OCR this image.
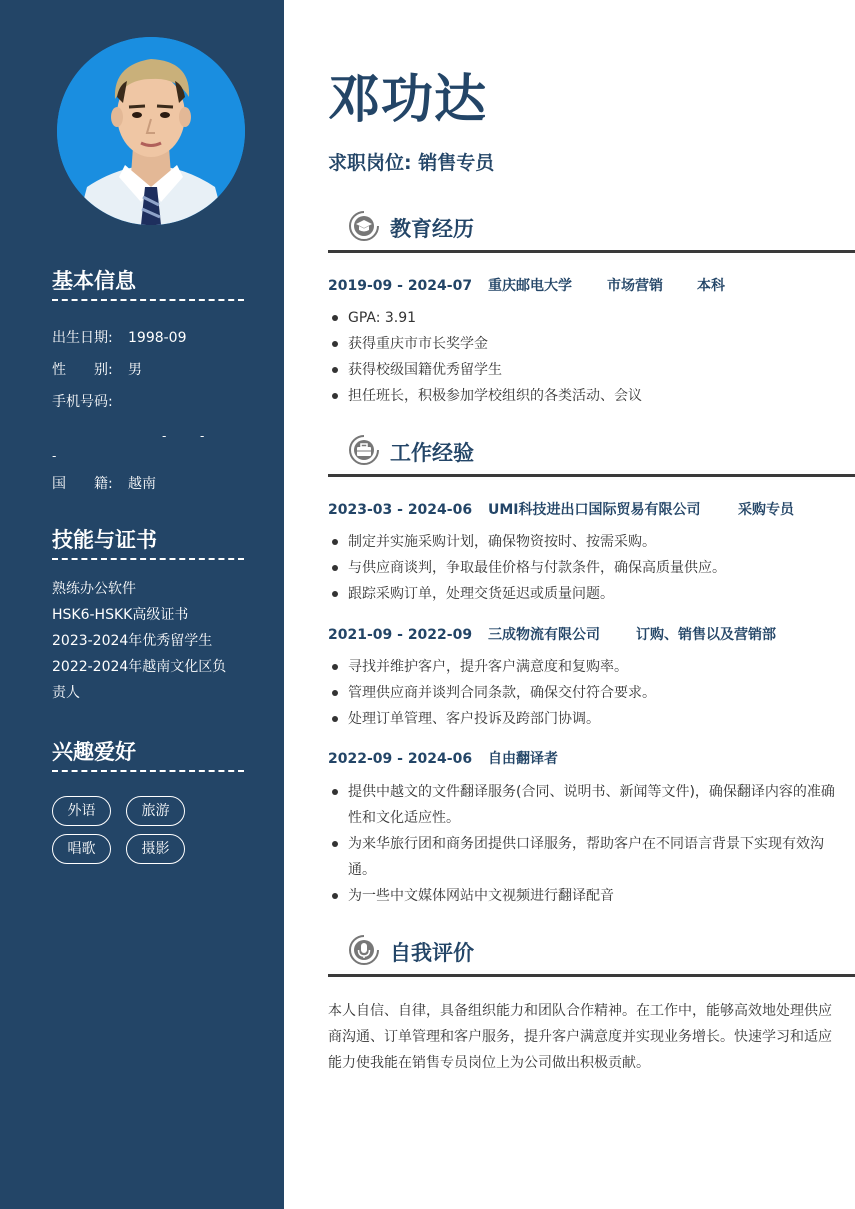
基本信息
出生日期: 1998-09
性　　别: 男
手机号码:
-	-
-
国　　籍: 越南
技能与证书
熟练办公软件
HSK6-HSKK高级证书
2023-2024年优秀留学生
2022-2024年越南文化区负
责人
兴趣爱好
外语	旅游
唱歌	摄影
邓功达
求职岗位: 销售专员
教育经历
2019-09 - 2024-07 重庆邮电大学	市场营销 本科
GPA: 3.91
获得重庆市市长奖学金
获得校级国籍优秀留学生
担任班长，积极参加学校组织的各类活动、会议
工作经验
2023-03 - 2024-06 UMI科技进出口国际贸易有限公司	采购专员
制定并实施采购计划，确保物资按时、按需采购。
与供应商谈判，争取最佳价格与付款条件，确保高质量供应。
跟踪采购订单，处理交货延迟或质量问题。
2021-09 - 2022-09 三成物流有限公司	订购、销售以及营销部
寻找并维护客户，提升客户满意度和复购率。
管理供应商并谈判合同条款，确保交付符合要求。
处理订单管理、客户投诉及跨部门协调。
2022-09 - 2024-06 自由翻译者
提供中越文的文件翻译服务(合同、说明书、新闻等文件)，确保翻译内容的准确性和文化适应性。
为来华旅行团和商务团提供口译服务，帮助客户在不同语言背景下实现有效沟通。
为一些中文媒体网站中文视频进行翻译配音
自我评价
本人自信、自律，具备组织能力和团队合作精神。在工作中，能够高效地处理供应商沟通、订单管理和客户服务，提升客户满意度并实现业务增长。快速学习和适应能力使我能在销售专员岗位上为公司做出积极贡献。
